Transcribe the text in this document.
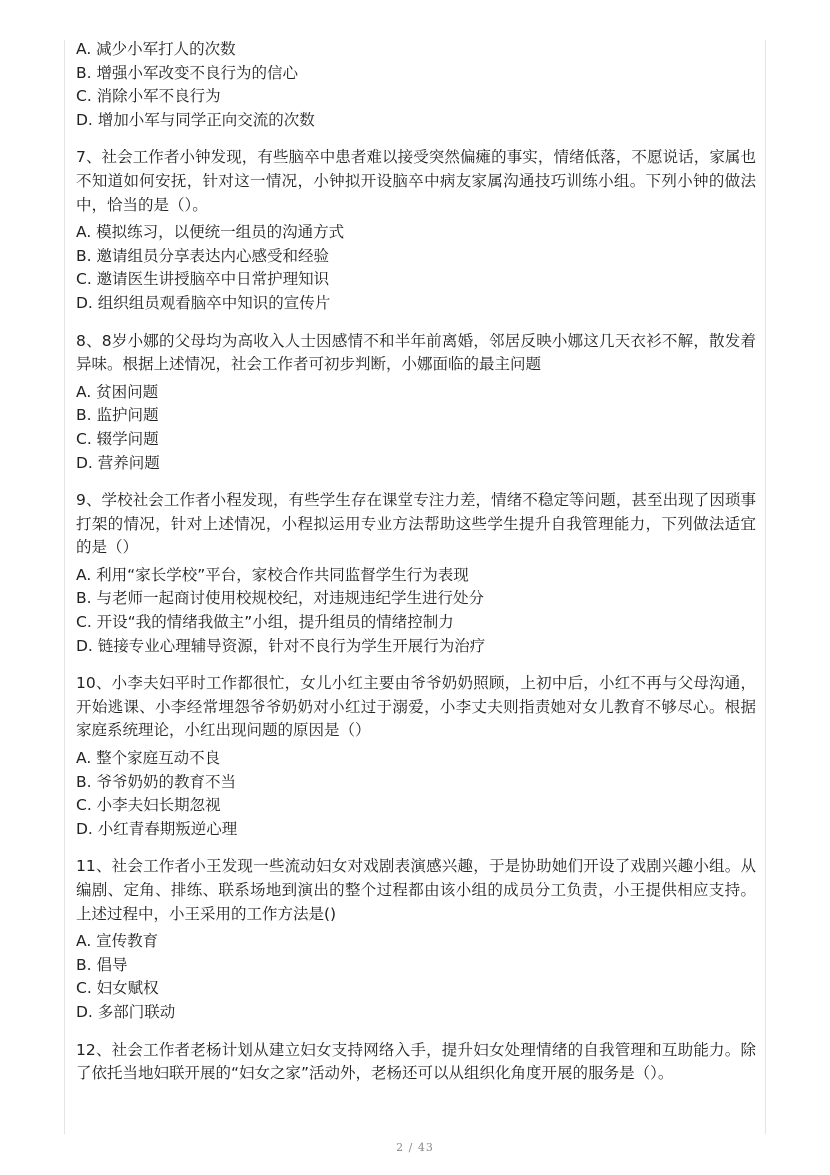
A. 减少小军打人的次数

B. 增强小军改变不良行为的信心

C. 消除小军不良行为

D. 增加小军与同学正向交流的次数

7、社会工作者小钟发现，有些脑卒中患者难以接受突然偏瘫的事实，情绪低落，不愿说话，家属也不知道如何安抚，针对这一情况，小钟拟开设脑卒中病友家属沟通技巧训练小组。下列小钟的做法中，恰当的是（）。

A. 模拟练习，以便统一组员的沟通方式

B. 邀请组员分享表达内心感受和经验

C. 邀请医生讲授脑卒中日常护理知识

D. 组织组员观看脑卒中知识的宣传片

8、8岁小娜的父母均为高收入人士因感情不和半年前离婚，邻居反映小娜这几天衣衫不解，散发着异味。根据上述情况，社会工作者可初步判断，小娜面临的最主问题

A. 贫困问题

B. 监护问题

C. 辍学问题

D. 营养问题

9、学校社会工作者小程发现，有些学生存在课堂专注力差，情绪不稳定等问题，甚至出现了因琐事打架的情况，针对上述情况，小程拟运用专业方法帮助这些学生提升自我管理能力，下列做法适宜的是（）

A. 利用“家长学校”平台，家校合作共同监督学生行为表现

B. 与老师一起商讨使用校规校纪，对违规违纪学生进行处分

C. 开设“我的情绪我做主”小组，提升组员的情绪控制力

D. 链接专业心理辅导资源，针对不良行为学生开展行为治疗

10、小李夫妇平时工作都很忙，女儿小红主要由爷爷奶奶照顾，上初中后，小红不再与父母沟通，开始逃课、小李经常埋怨爷爷奶奶对小红过于溺爱，小李丈夫则指责她对女儿教育不够尽心。根据家庭系统理论，小红出现问题的原因是（）

A. 整个家庭互动不良

B. 爷爷奶奶的教育不当

C. 小李夫妇长期忽视

D. 小红青春期叛逆心理

11、社会工作者小王发现一些流动妇女对戏剧表演感兴趣，于是协助她们开设了戏剧兴趣小组。从编剧、定角、排练、联系场地到演出的整个过程都由该小组的成员分工负责，小王提供相应支持。上述过程中，小王采用的工作方法是()

A. 宣传教育

B. 倡导

C. 妇女赋权

D. 多部门联动

12、社会工作者老杨计划从建立妇女支持网络入手，提升妇女处理情绪的自我管理和互助能力。除了依托当地妇联开展的“妇女之家”活动外，老杨还可以从组织化角度开展的服务是（）。

2 / 43
